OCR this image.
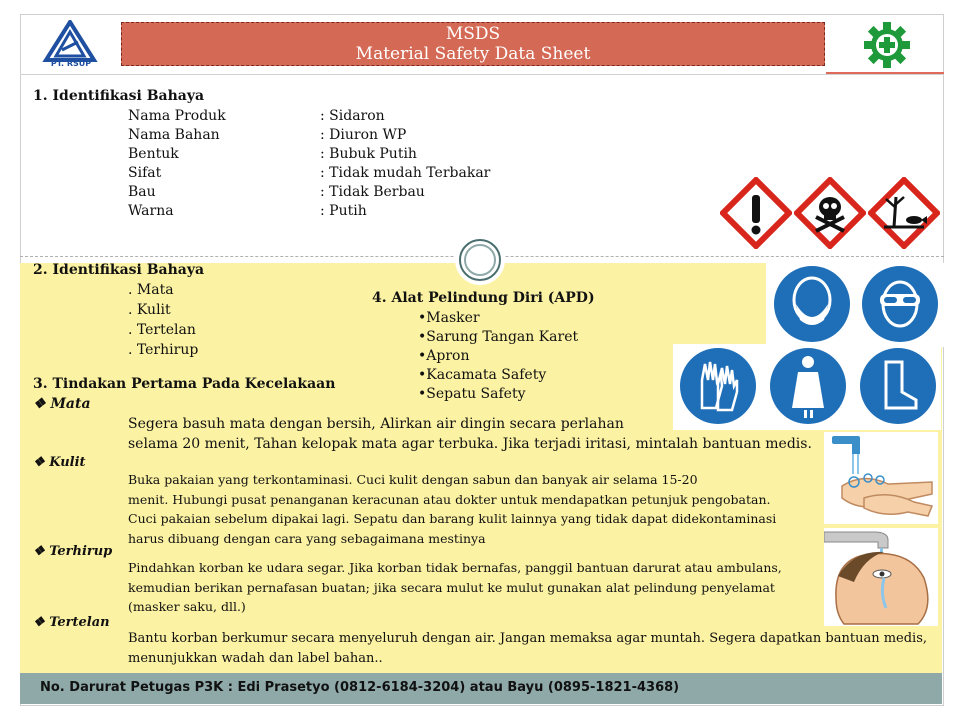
PT. RSUP
MSDS
Material Safety Data Sheet
1. Identifikasi Bahaya
Nama Produk	: Sidaron
Nama Bahan	: Diuron WP
Bentuk	: Bubuk Putih
Sifat	: Tidak mudah Terbakar
Bau	: Tidak Berbau
Warna	: Putih
2. Identifikasi Bahaya
. Mata
. Kulit
. Tertelan
. Terhirup
4. Alat Pelindung Diri (APD)
•Masker
•Sarung Tangan Karet
•Apron
•Kacamata Safety
•Sepatu Safety
3. Tindakan Pertama Pada Kecelakaan
❖ Mata
Segera basuh mata dengan bersih, Alirkan air dingin secara perlahan
selama 20 menit, Tahan kelopak mata agar terbuka. Jika terjadi iritasi, mintalah bantuan medis.
❖ Kulit
Buka pakaian yang terkontaminasi. Cuci kulit dengan sabun dan banyak air selama 15-20
menit. Hubungi pusat penanganan keracunan atau dokter untuk mendapatkan petunjuk pengobatan.
Cuci pakaian sebelum dipakai lagi. Sepatu dan barang kulit lainnya yang tidak dapat didekontaminasi
harus dibuang dengan cara yang sebagaimana mestinya
❖ Terhirup
Pindahkan korban ke udara segar. Jika korban tidak bernafas, panggil bantuan darurat atau ambulans,
kemudian berikan pernafasan buatan; jika secara mulut ke mulut gunakan alat pelindung penyelamat
(masker saku, dll.)
❖ Tertelan
Bantu korban berkumur secara menyeluruh dengan air. Jangan memaksa agar muntah. Segera dapatkan bantuan medis,
menunjukkan wadah dan label bahan..
No. Darurat Petugas P3K : Edi Prasetyo (0812-6184-3204) atau Bayu (0895-1821-4368)
